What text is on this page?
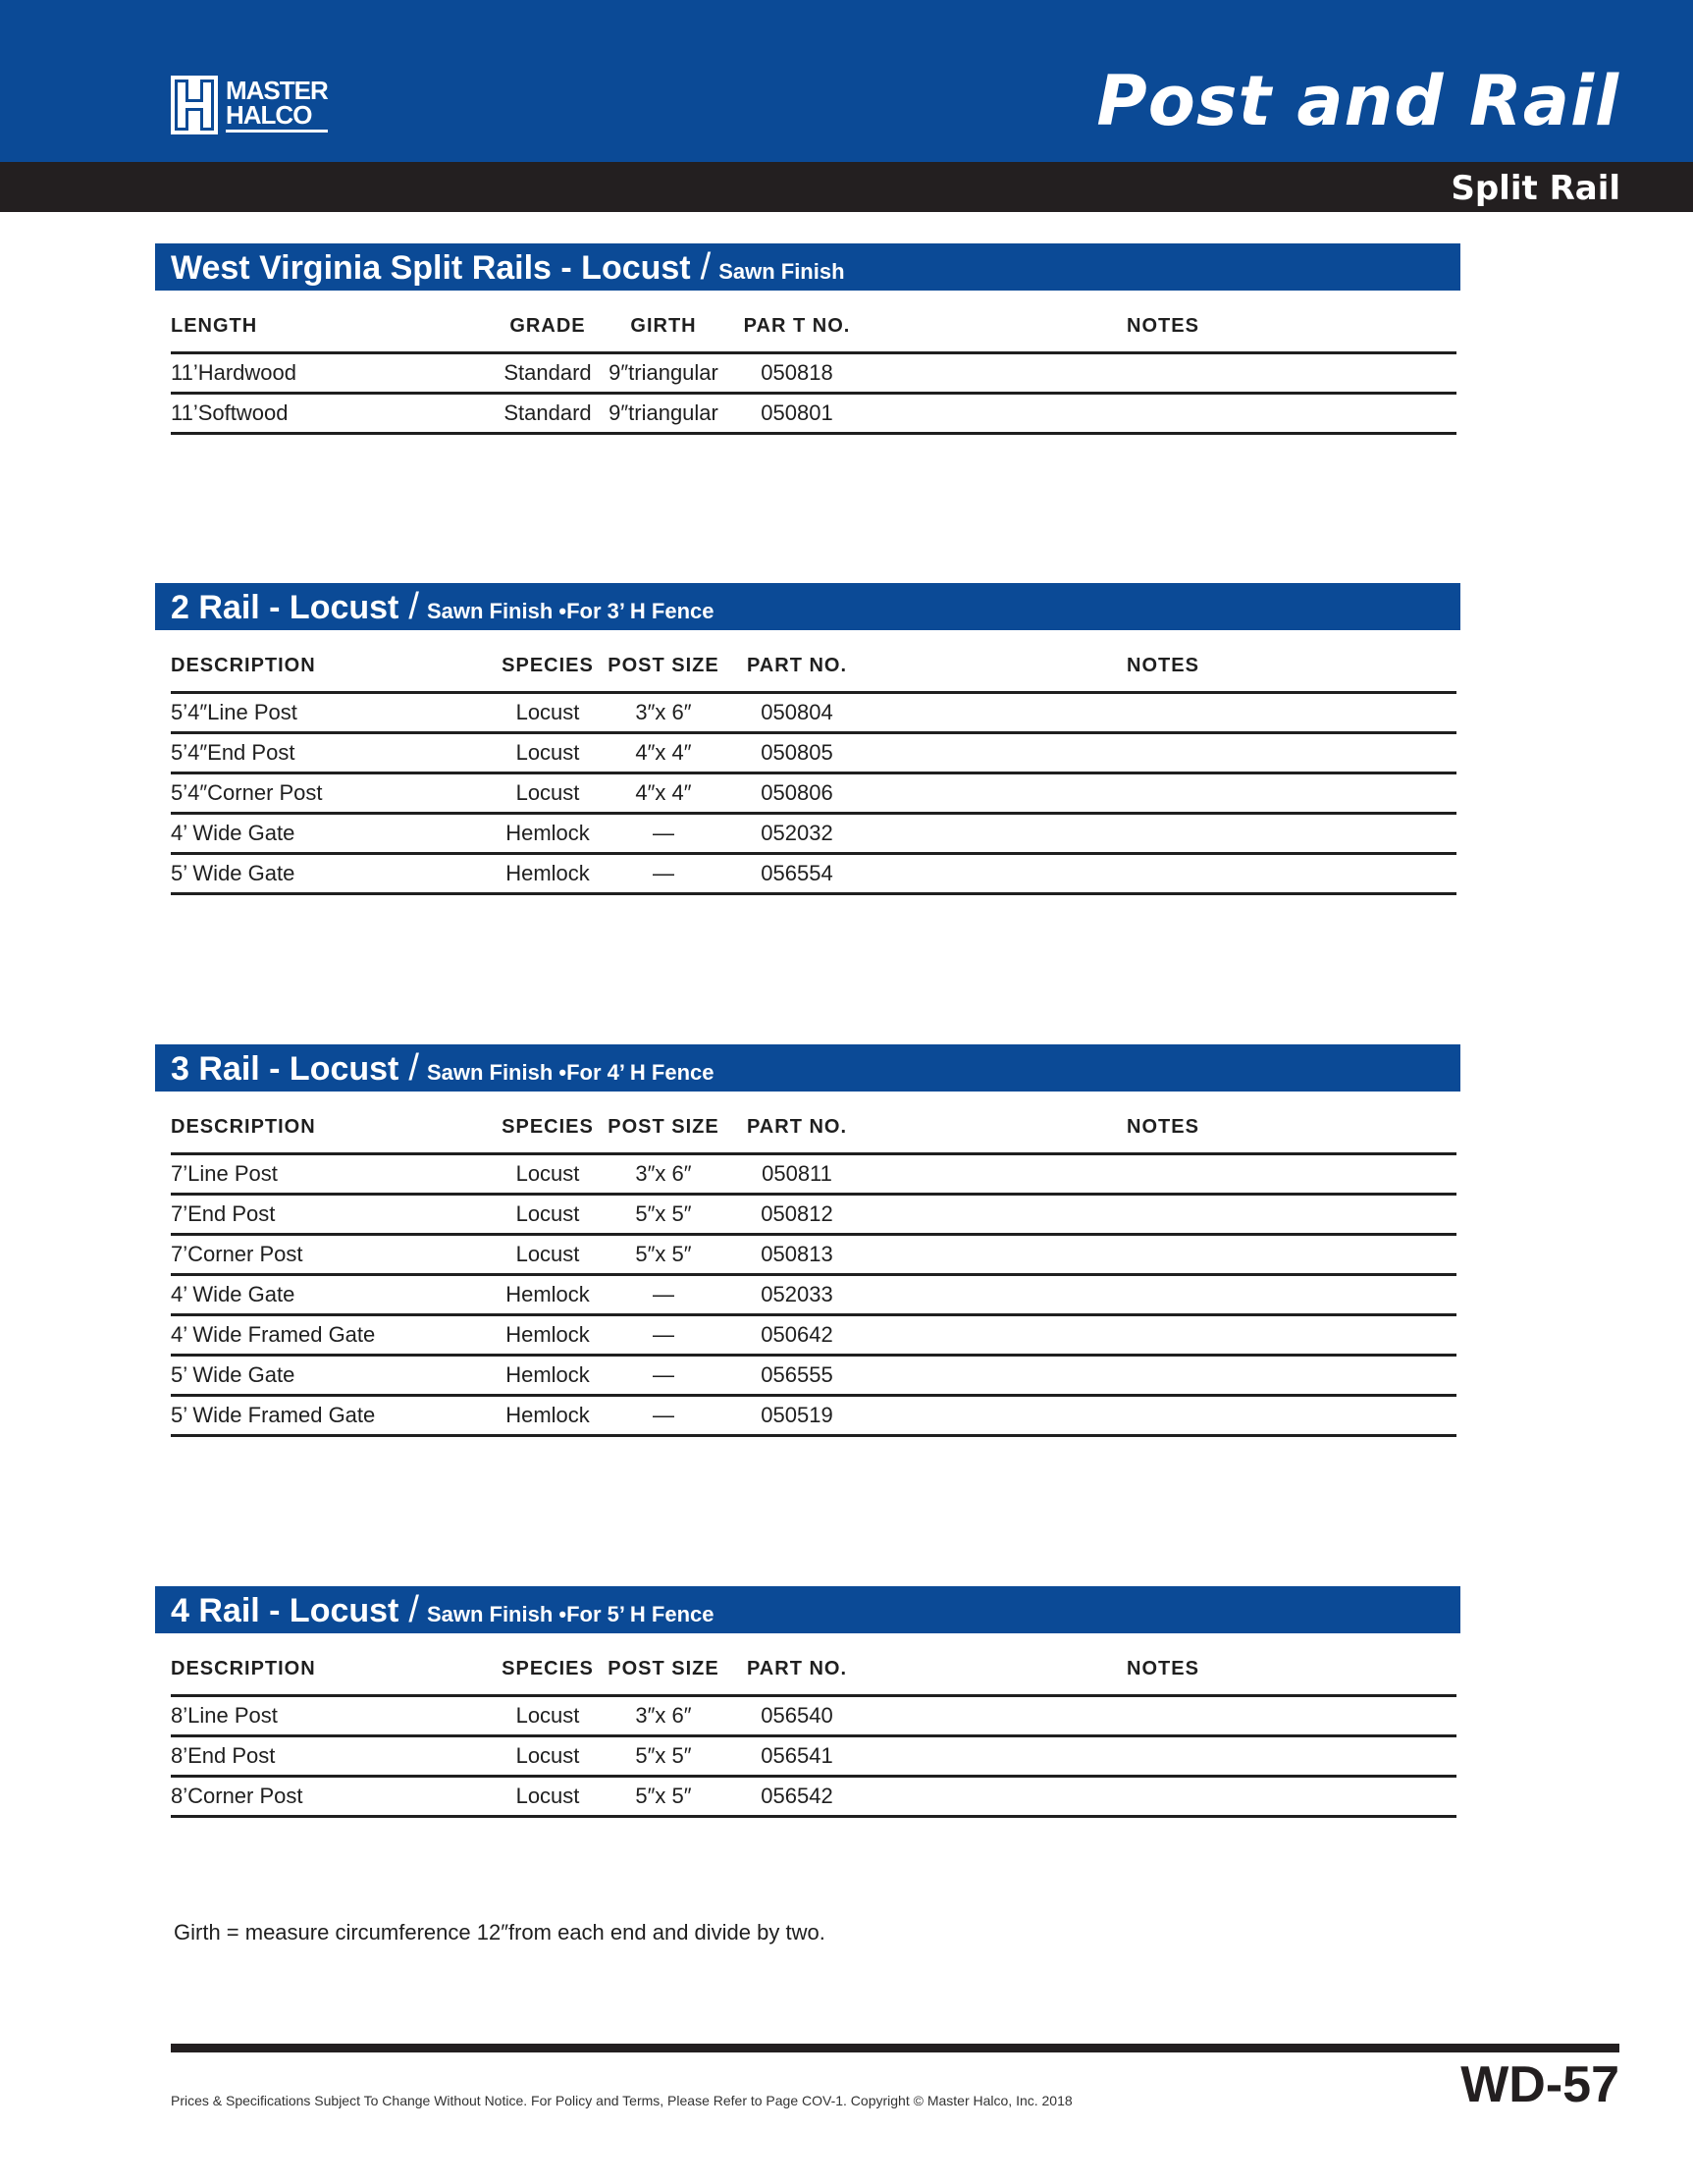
MASTER
HALCO	Post and Rail
Split Rail
West Virginia Split Rails - Locust / Sawn Finish
LENGTH	GRADE	GIRTH	PAR T NO.	NOTES
11’Hardwood	Standard	9″triangular	050818	
11’Softwood	Standard	9″triangular	050801	
2 Rail - Locust / Sawn Finish •For 3’ H Fence
DESCRIPTION	SPECIES	POST SIZE	PART NO.	NOTES
5’4″Line Post	Locust	3″x 6″	050804	
5’4″End Post	Locust	4″x 4″	050805	
5’4″Corner Post	Locust	4″x 4″	050806	
4’ Wide Gate	Hemlock	—	052032	
5’ Wide Gate	Hemlock	—	056554	
3 Rail - Locust / Sawn Finish •For 4’ H Fence
DESCRIPTION	SPECIES	POST SIZE	PART NO.	NOTES
7’Line Post	Locust	3″x 6″	050811	
7’End Post	Locust	5″x 5″	050812	
7’Corner Post	Locust	5″x 5″	050813	
4’ Wide Gate	Hemlock	—	052033	
4’ Wide Framed Gate	Hemlock	—	050642	
5’ Wide Gate	Hemlock	—	056555	
5’ Wide Framed Gate	Hemlock	—	050519	
4 Rail - Locust / Sawn Finish •For 5’ H Fence
DESCRIPTION	SPECIES	POST SIZE	PART NO.	NOTES
8’Line Post	Locust	3″x 6″	056540	
8’End Post	Locust	5″x 5″	056541	
8’Corner Post	Locust	5″x 5″	056542	
Girth = measure circumference 12″from each end and divide by two.
WD-57
Prices & Specifications Subject To Change Without Notice. For Policy and Terms, Please Refer to Page COV-1. Copyright © Master Halco, Inc. 2018
